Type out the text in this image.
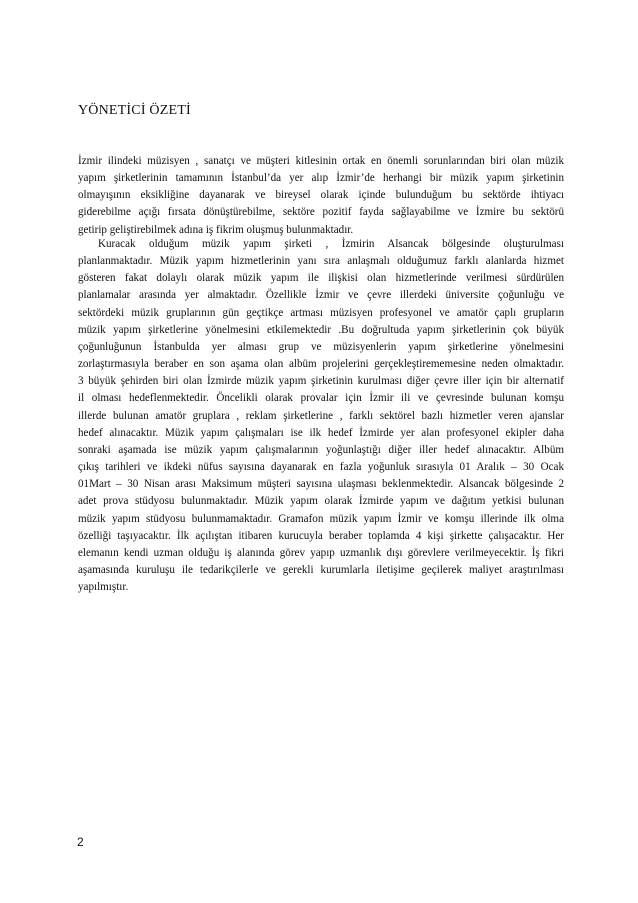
YÖNETİCİ ÖZETİ

İzmir ilindeki müzisyen , sanatçı ve müşteri kitlesinin ortak en önemli sorunlarından biri olan müzik
yapım şirketlerinin tamamının İstanbul’da yer alıp İzmir’de herhangi bir müzik yapım şirketinin
olmayışının eksikliğine dayanarak ve bireysel olarak içinde bulunduğum bu sektörde ihtiyacı
giderebilme açığı fırsata dönüştürebilme, sektöre pozitif fayda sağlayabilme ve İzmire bu sektörü
getirip geliştirebilmek adına iş fikrim oluşmuş bulunmaktadır.

Kuracak olduğum müzik yapım şirketi , İzmirin Alsancak bölgesinde oluşturulması
planlanmaktadır. Müzik yapım hizmetlerinin yanı sıra anlaşmalı olduğumuz farklı alanlarda hizmet
gösteren fakat dolaylı olarak müzik yapım ile ilişkisi olan hizmetlerinde verilmesi sürdürülen
planlamalar arasında yer almaktadır. Özellikle İzmir ve çevre illerdeki üniversite çoğunluğu ve
sektördeki müzik gruplarının gün geçtikçe artması müzisyen profesyonel ve amatör çaplı grupların
müzik yapım şirketlerine yönelmesini etkilemektedir .Bu doğrultuda yapım şirketlerinin çok büyük
çoğunluğunun İstanbulda yer alması grup ve müzisyenlerin yapım şirketlerine yönelmesini
zorlaştırmasıyla beraber en son aşama olan albüm projelerini gerçekleştirememesine neden olmaktadır.
3 büyük şehirden biri olan İzmirde müzik yapım şirketinin kurulması diğer çevre iller için bir alternatif
il olması hedeflenmektedir. Öncelikli olarak provalar için İzmir ili ve çevresinde bulunan komşu
illerde bulunan amatör gruplara , reklam şirketlerine , farklı sektörel bazlı hizmetler veren ajanslar
hedef alınacaktır. Müzik yapım çalışmaları ise ilk hedef İzmirde yer alan profesyonel ekipler daha
sonraki aşamada ise müzik yapım çalışmalarının yoğunlaştığı diğer iller hedef alınacaktır. Albüm
çıkış tarihleri ve ikdeki nüfus sayısına dayanarak en fazla yoğunluk sırasıyla 01 Aralık – 30 Ocak
01Mart – 30 Nisan arası Maksimum müşteri sayısına ulaşması beklenmektedir. Alsancak bölgesinde 2
adet prova stüdyosu bulunmaktadır. Müzik yapım olarak İzmirde yapım ve dağıtım yetkisi bulunan
müzik yapım stüdyosu bulunmamaktadır. Gramafon müzik yapım İzmir ve komşu illerinde ilk olma
özelliği taşıyacaktır. İlk açılıştan itibaren kurucuyla beraber toplamda 4 kişi şirkette çalışacaktır. Her
elemanın kendi uzman olduğu iş alanında görev yapıp uzmanlık dışı görevlere verilmeyecektir. İş fikri
aşamasında kuruluşu ile tedarikçilerle ve gerekli kurumlarla iletişime geçilerek maliyet araştırılması
yapılmıştır.

2
